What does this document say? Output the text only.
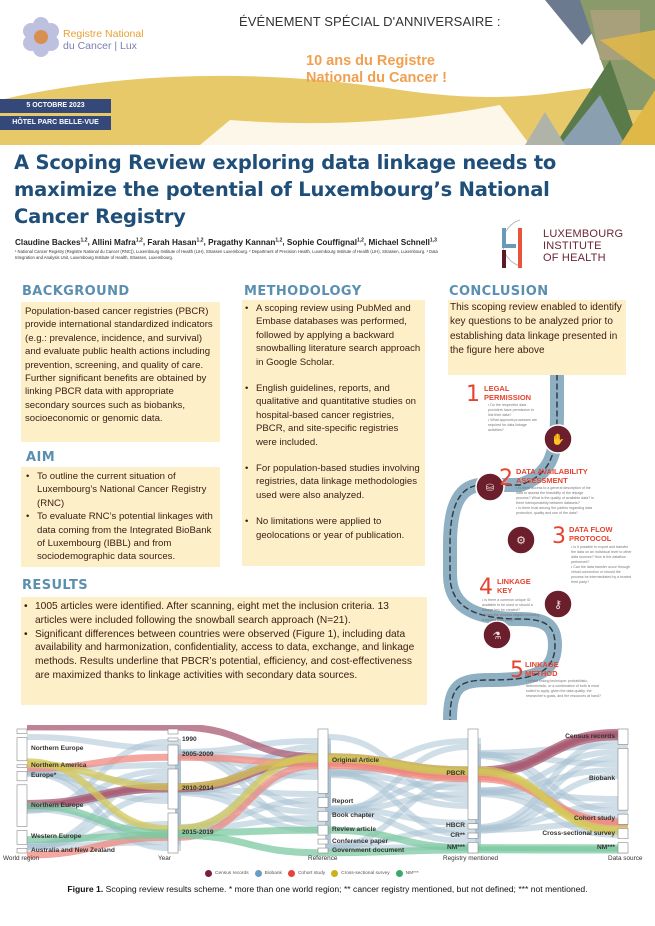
Registre National
du Cancer | Lux
ÉVÉNEMENT SPÉCIAL D'ANNIVERSAIRE :
10 ans du Registre
National du Cancer !
5 OCTOBRE 2023
HÔTEL PARC BELLE-VUE
A Scoping Review exploring data linkage needs to
maximize the potential of Luxembourg’s National
Cancer Registry
Claudine Backes$^{1,2}$, Allini Mafra$^{1,2}$, Farah Hasan$^{1,2}$, Pragathy Kannan$^{1,2}$, Sophie Couffignal$^{1,2}$, Michael Schnell$^{1,3}$
¹ National Cancer Registry (Registre National du Cancer (RNC)), Luxembourg Institute of Health (LIH), Strassen Luxembourg. ² Department of Precision Health, Luxembourg Institute of Health (LIH), Strassen, Luxembourg. ³ Data Integration and Analysis Unit, Luxembourg Institute of Health, Strassen, Luxembourg.
LUXEMBOURG
INSTITUTE
OF HEALTH
BACKGROUND
Population-based cancer registries (PBCR) provide international standardized indicators (e.g.: prevalence, incidence, and survival) and evaluate public health actions including prevention, screening, and quality of care. Further significant benefits are obtained by linking PBCR data with appropriate secondary sources such as biobanks, socioeconomic or genomic data.
AIM
• To outline the current situation of Luxembourg’s National Cancer Registry (RNC)
• To evaluate RNC’s potential linkages with data coming from the Integrated BioBank of Luxembourg (IBBL) and from sociodemographic data sources.
METHODOLOGY
• A scoping review using PubMed and Embase databases was performed, followed by applying a backward snowballing literature search approach in Google Scholar.
• English guidelines, reports, and qualitative and quantitative studies on hospital-based cancer registries, PBCR, and site-specific registries were included.
• For population-based studies involving registries, data linkage methodologies used were also analyzed.
• No limitations were applied to geolocations or year of publication.
CONCLUSION
This scoping review enabled to identify key questions to be analyzed prior to establishing data linkage presented in the figure here above
✋
⛁
⚙
⚷
⚗
1 LEGAL
PERMISSION
• Do the respective data providers have permission to link their data?
• What approval processes are required for data linkage activities?
2 DATA AVAILABILITY
ASSESSMENT
• Is there access to a general description of the data to assess the feasibility of the linkage process? What is the quality of available data? Is there interoperability between datasets?
• Is there trust among the parties regarding data protection, quality and use of the data?
3 DATA FLOW
PROTOCOL
• Is it possible to export and transfer the data on an individual level to other data sources? How is the dataflow performed?
• Can the data transfer occur through virtual connection or should the process be intermediated by a trusted third party?
4 LINKAGE
KEY
• Is there a common unique ID available to be used or should a linkage key be created?
• Does the process require involving a trusted third party?
5 LINKAGE
METHOD
• Which linking technique: probabilistic, deterministic, or a combination of both is most suited to apply, given the data quality, the researcher's goals, and the resources at hand?
RESULTS
• 1005 articles were identified. After scanning, eight met the inclusion criteria. 13 articles were included following the snowball search approach (N=21).
• Significant differences between countries were observed (Figure 1), including data availability and harmonization, confidentiality, access to data, exchange, and linkage methods. Results underline that PBCR’s potential, efficiency, and cost-effectiveness are maximized thanks to linkage activities with secondary data sources.
Northern Europe
Northern America
Europe*
Northern Europe
Western Europe
Australia and New Zealand
World region
1990
2005-2009
2010-2014
2015-2019
Year
Original Article
Report
Book chapter
Review article
Conference paper
Government document
Reference
PBCR
HBCR
CR**
NM***
Registry mentioned
Census records
Biobank
Cohort study
Cross-sectional survey
NM***
Data source
Census records	Biobank	Cohort study	Cross-sectional survey	NM***
Figure 1. Scoping review results scheme. * more than one world region; ** cancer registry mentioned, but not defined; *** not mentioned.
